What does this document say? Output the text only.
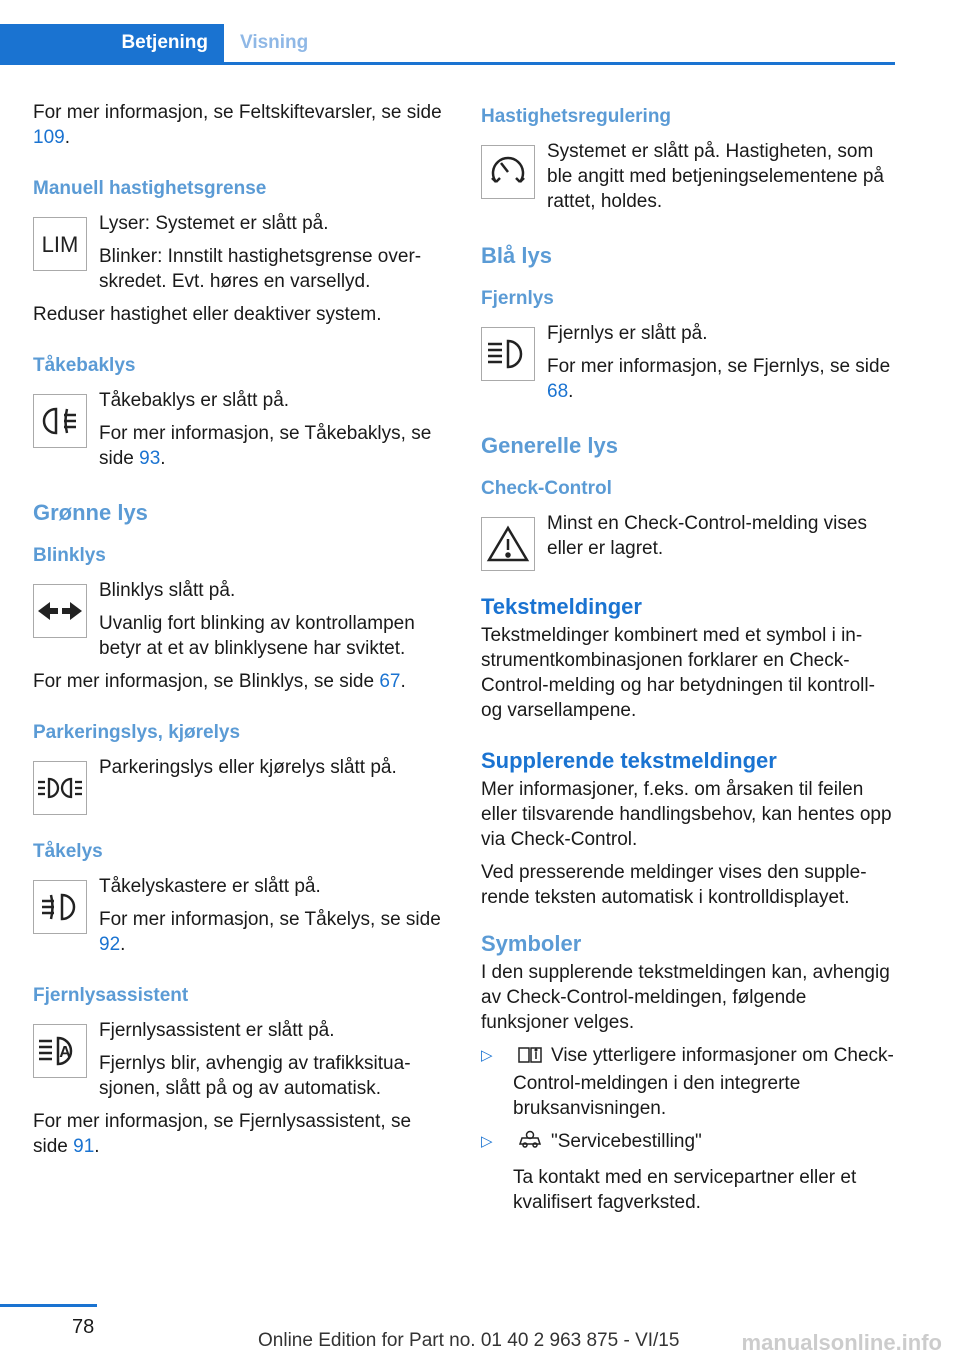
Betjening	Visning

For mer informasjon, se Feltskiftevarsler, se side 109.

Manuell hastighetsgrense
LIM

Lyser: Systemet er slått på.

Blinker: Innstilt hastighetsgrense overskredet. Evt. høres en varsellyd.

Reduser hastighet eller deaktiver system.

Tåkebaklys

Tåkebaklys er slått på.

For mer informasjon, se Tåkebaklys, se side 93.

Grønne lys
Blinklys

Blinklys slått på.

Uvanlig fort blinking av kontrollampen betyr at et av blinklysene har sviktet.

For mer informasjon, se Blinklys, se side 67.

Parkeringslys, kjørelys

Parkeringslys eller kjørelys slått på.

Tåkelys

Tåkelyskastere er slått på.

For mer informasjon, se Tåkelys, se side 92.

Fjernlysassistent
A

Fjernlysassistent er slått på.

Fjernlys blir, avhengig av trafikksituasjonen, slått på og av automatisk.

For mer informasjon, se Fjernlysassistent, se side 91.

Hastighetsregulering

Systemet er slått på. Hastigheten, som ble angitt med betjeningselementene på rattet, holdes.

Blå lys
Fjernlys

Fjernlys er slått på.

For mer informasjon, se Fjernlys, se side 68.

Generelle lys
Check-Control

Minst en Check-Control-melding vises eller er lagret.

Tekstmeldinger

Tekstmeldinger kombinert med et symbol i instrumentkombinasjonen forklarer en Check-Control-melding og har betydningen til kontroll- og varsellampene.

Supplerende tekstmeldinger

Mer informasjoner, f.eks. om årsaken til feilen eller tilsvarende handlingsbehov, kan hentes opp via Check-Control.

Ved presserende meldinger vises den supplerende teksten automatisk i kontrolldisplayet.

Symboler

I den supplerende tekstmeldingen kan, avhengig av Check-Control-meldingen, følgende funksjoner velges.

▷	Vise ytterligere informasjoner om Check-Control-meldingen i den integrerte bruksanvisningen.
▷	"Servicebestilling"
Ta kontakt med en servicepartner eller et kvalifisert fagverksted.
78
Online Edition for Part no. 01 40 2 963 875 - VI/15	manualsonline.info
